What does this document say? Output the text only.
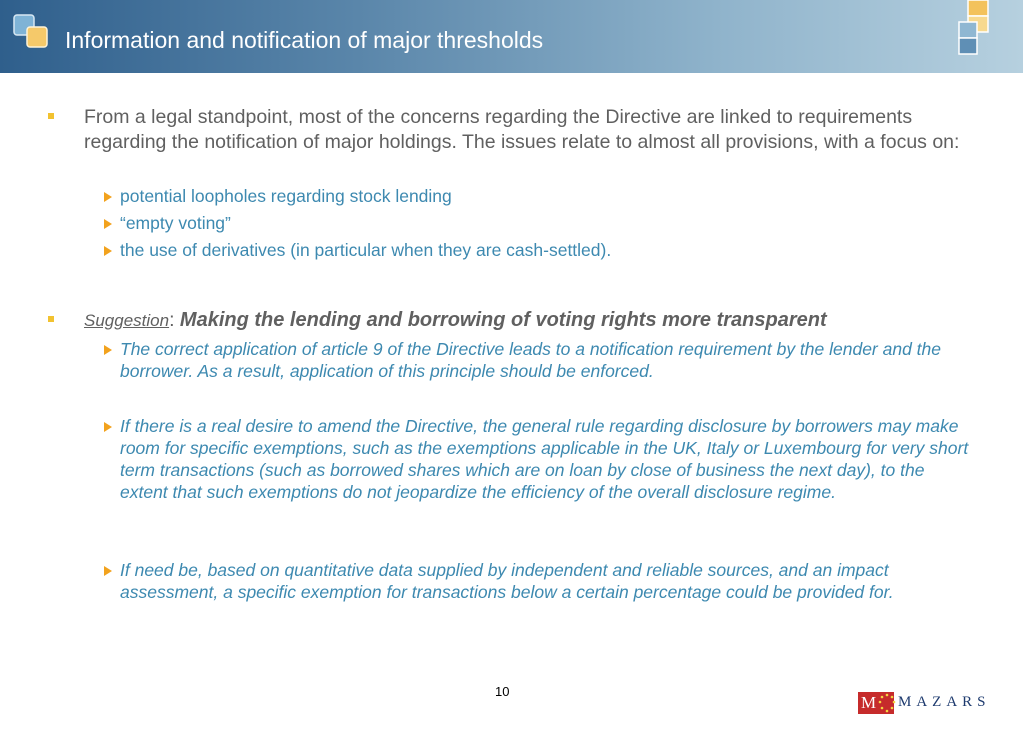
Information and notification of major thresholds
From a legal standpoint, most of the concerns regarding the Directive are linked to requirements regarding the notification of major holdings. The issues relate to almost all provisions, with a focus on:
potential loopholes regarding stock lending
“empty voting”
the use of derivatives (in particular when they are cash-settled).
Suggestion: Making the lending and borrowing of voting rights more transparent
The correct application of article 9 of the Directive leads to a notification requirement by the lender and the borrower. As a result, application of this principle should be enforced.
If there is a real desire to amend the Directive, the general rule regarding disclosure by borrowers may make room for specific exemptions, such as the exemptions applicable in the UK, Italy or Luxembourg for very short term transactions (such as borrowed shares which are on loan by close of business the next day), to the extent that such exemptions do not jeopardize the efficiency of the overall disclosure regime.
If need be, based on quantitative data supplied by independent and reliable sources, and an impact assessment, a specific exemption for transactions below a certain percentage could be provided for.
10
M MAZARS
